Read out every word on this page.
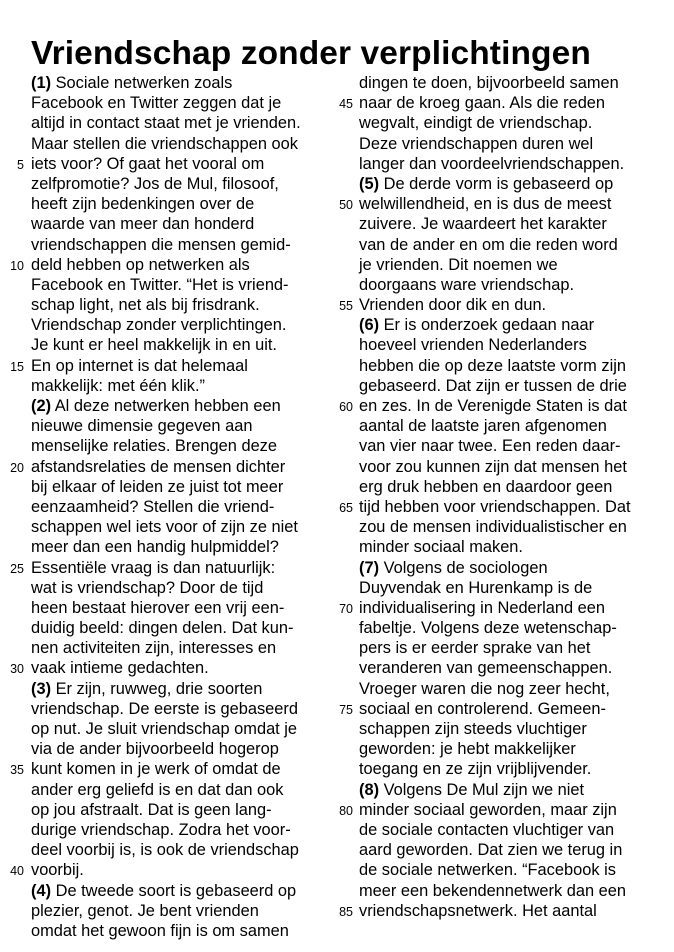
Vriendschap zonder verplichtingen
(1) Sociale netwerken zoals
Facebook en Twitter zeggen dat je
altijd in contact staat met je vrienden.
Maar stellen die vriendschappen ook
5 iets voor? Of gaat het vooral om
zelfpromotie? Jos de Mul, filosoof,
heeft zijn bedenkingen over de
waarde van meer dan honderd
vriendschappen die mensen gemid-
10 deld hebben op netwerken als
Facebook en Twitter. “Het is vriend-
schap light, net als bij frisdrank.
Vriendschap zonder verplichtingen.
Je kunt er heel makkelijk in en uit.
15 En op internet is dat helemaal
makkelijk: met één klik.”
(2) Al deze netwerken hebben een
nieuwe dimensie gegeven aan
menselijke relaties. Brengen deze
20 afstandsrelaties de mensen dichter
bij elkaar of leiden ze juist tot meer
eenzaamheid? Stellen die vriend-
schappen wel iets voor of zijn ze niet
meer dan een handig hulpmiddel?
25 Essentiële vraag is dan natuurlijk:
wat is vriendschap? Door de tijd
heen bestaat hierover een vrij een-
duidig beeld: dingen delen. Dat kun-
nen activiteiten zijn, interesses en
30 vaak intieme gedachten.
(3) Er zijn, ruwweg, drie soorten
vriendschap. De eerste is gebaseerd
op nut. Je sluit vriendschap omdat je
via de ander bijvoorbeeld hogerop
35 kunt komen in je werk of omdat de
ander erg geliefd is en dat dan ook
op jou afstraalt. Dat is geen lang-
durige vriendschap. Zodra het voor-
deel voorbij is, is ook de vriendschap
40 voorbij.
(4) De tweede soort is gebaseerd op
plezier, genot. Je bent vrienden
omdat het gewoon fijn is om samen
dingen te doen, bijvoorbeeld samen
45 naar de kroeg gaan. Als die reden
wegvalt, eindigt de vriendschap.
Deze vriendschappen duren wel
langer dan voordeelvriendschappen.
(5) De derde vorm is gebaseerd op
50 welwillendheid, en is dus de meest
zuivere. Je waardeert het karakter
van de ander en om die reden word
je vrienden. Dit noemen we
doorgaans ware vriendschap.
55 Vrienden door dik en dun.
(6) Er is onderzoek gedaan naar
hoeveel vrienden Nederlanders
hebben die op deze laatste vorm zijn
gebaseerd. Dat zijn er tussen de drie
60 en zes. In de Verenigde Staten is dat
aantal de laatste jaren afgenomen
van vier naar twee. Een reden daar-
voor zou kunnen zijn dat mensen het
erg druk hebben en daardoor geen
65 tijd hebben voor vriendschappen. Dat
zou de mensen individualistischer en
minder sociaal maken.
(7) Volgens de sociologen
Duyvendak en Hurenkamp is de
70 individualisering in Nederland een
fabeltje. Volgens deze wetenschap-
pers is er eerder sprake van het
veranderen van gemeenschappen.
Vroeger waren die nog zeer hecht,
75 sociaal en controlerend. Gemeen-
schappen zijn steeds vluchtiger
geworden: je hebt makkelijker
toegang en ze zijn vrijblijvender.
(8) Volgens De Mul zijn we niet
80 minder sociaal geworden, maar zijn
de sociale contacten vluchtiger van
aard geworden. Dat zien we terug in
de sociale netwerken. “Facebook is
meer een bekendennetwerk dan een
85 vriendschapsnetwerk. Het aantal
